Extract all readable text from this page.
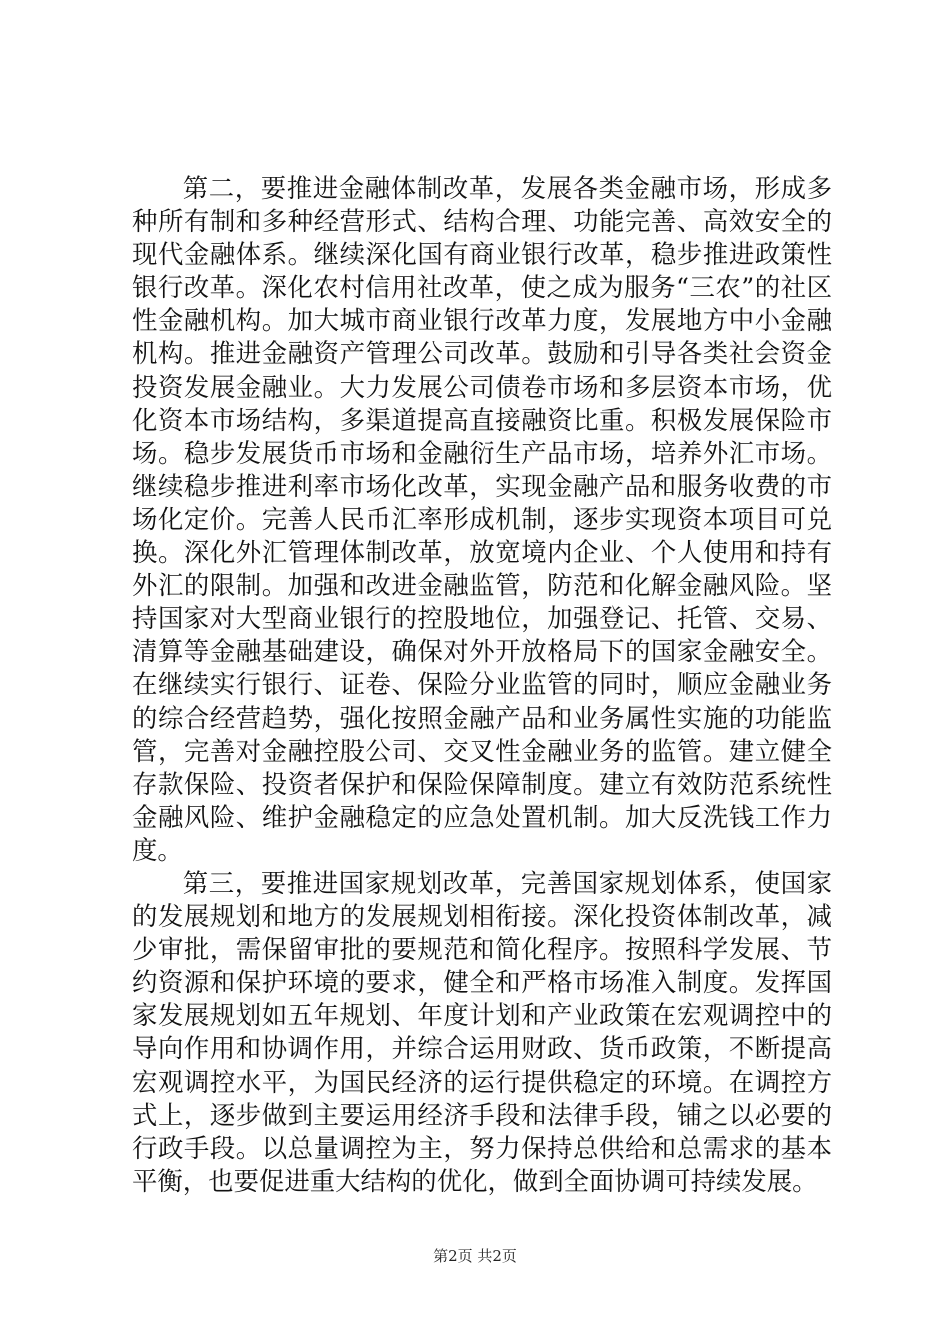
第二，要推进金融体制改革，发展各类金融市场，形成多种所有制和多种经营形式、结构合理、功能完善、高效安全的现代金融体系。继续深化国有商业银行改革，稳步推进政策性银行改革。深化农村信用社改革，使之成为服务“三农”的社区性金融机构。加大城市商业银行改革力度，发展地方中小金融机构。推进金融资产管理公司改革。鼓励和引导各类社会资金投资发展金融业。大力发展公司债卷市场和多层资本市场，优化资本市场结构，多渠道提高直接融资比重。积极发展保险市场。稳步发展货币市场和金融衍生产品市场，培养外汇市场。继续稳步推进利率市场化改革，实现金融产品和服务收费的市场化定价。完善人民币汇率形成机制，逐步实现资本项目可兑换。深化外汇管理体制改革，放宽境内企业、个人使用和持有外汇的限制。加强和改进金融监管，防范和化解金融风险。坚持国家对大型商业银行的控股地位，加强登记、托管、交易、清算等金融基础建设，确保对外开放格局下的国家金融安全。在继续实行银行、证卷、保险分业监管的同时，顺应金融业务的综合经营趋势，强化按照金融产品和业务属性实施的功能监管，完善对金融控股公司、交叉性金融业务的监管。建立健全存款保险、投资者保护和保险保障制度。建立有效防范系统性金融风险、维护金融稳定的应急处置机制。加大反洗钱工作力度。

第三，要推进国家规划改革，完善国家规划体系，使国家的发展规划和地方的发展规划相衔接。深化投资体制改革，减少审批，需保留审批的要规范和简化程序。按照科学发展、节约资源和保护环境的要求，健全和严格市场准入制度。发挥国家发展规划如五年规划、年度计划和产业政策在宏观调控中的导向作用和协调作用，并综合运用财政、货币政策，不断提高宏观调控水平，为国民经济的运行提供稳定的环境。在调控方式上，逐步做到主要运用经济手段和法律手段，铺之以必要的行政手段。以总量调控为主，努力保持总供给和总需求的基本平衡，也要促进重大结构的优化，做到全面协调可持续发展。

第2页 共2页
